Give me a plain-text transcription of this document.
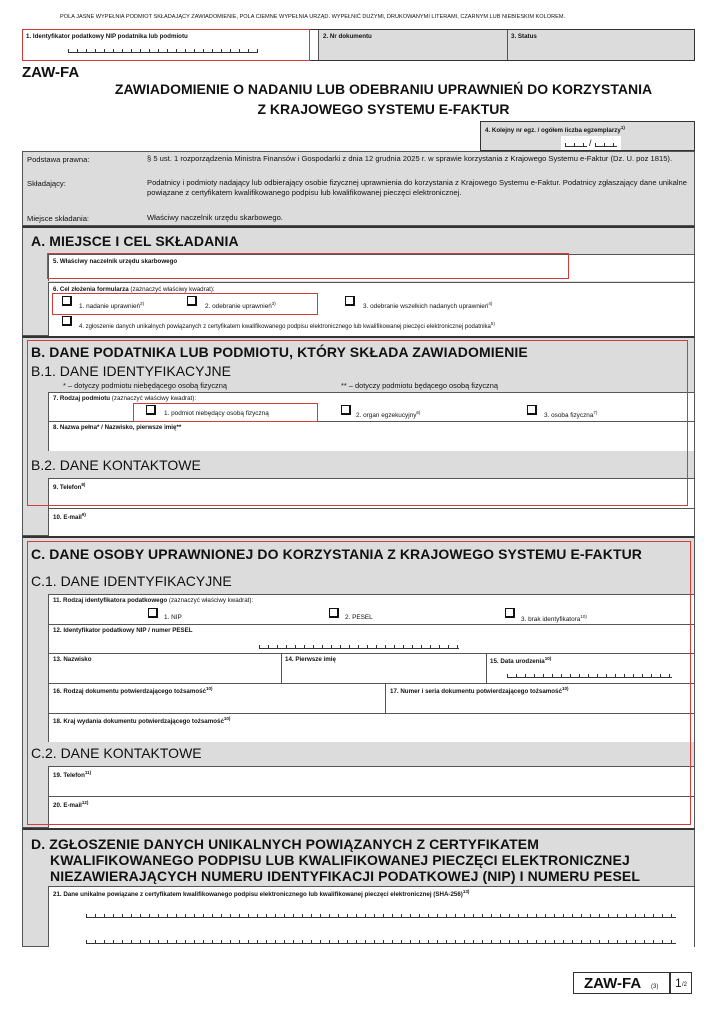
POLA JASNE WYPEŁNIA PODMIOT SKŁADAJĄCY ZAWIADOMIENIE, POLA CIEMNE WYPEŁNIA URZĄD. WYPEŁNIĆ DUŻYMI, DRUKOWANYMI LITERAMI, CZARNYM LUB NIEBIESKIM KOLOREM.
1. Identyfikator podatkowy NIP podatnika lub podmiotu	2. Nr dokumentu	3. Status
ZAW-FA
ZAWIADOMIENIE O NADANIU LUB ODEBRANIU UPRAWNIEŃ DO KORZYSTANIA
Z KRAJOWEGO SYSTEMU E-FAKTUR
4. Kolejny nr egz. / ogółem liczba egzemplarzy$^{1)}$
/
Podstawa prawna:	§ 5 ust. 1 rozporządzenia Ministra Finansów i Gospodarki z dnia 12 grudnia 2025 r. w sprawie korzystania z Krajowego Systemu e-Faktur (Dz. U. poz 1815).
Składający:	Podatnicy i podmioty nadający lub odbierający osobie fizycznej uprawnienia do korzystania z Krajowego Systemu e-Faktur. Podatnicy zgłaszający dane unikalne powiązane z certyfikatem kwalifikowanego podpisu lub kwalifikowanej pieczęci elektronicznej.
Miejsce składania:	Właściwy naczelnik urzędu skarbowego.
A. MIEJSCE I CEL SKŁADANIA
5. Właściwy naczelnik urzędu skarbowego
6. Cel złożenia formularza (zaznaczyć właściwy kwadrat):
1. nadanie uprawnień$^{2)}$	2. odebranie uprawnień$^{3)}$	3. odebranie wszelkich nadanych uprawnień$^{4)}$
4. zgłoszenie danych unikalnych powiązanych z certyfikatem kwalifikowanego podpisu elektronicznego lub kwalifikowanej pieczęci elektronicznej podatnika$^{5)}$
B. DANE PODATNIKA LUB PODMIOTU, KTÓRY SKŁADA ZAWIADOMIENIE
B.1. DANE IDENTYFIKACYJNE
* – dotyczy podmiotu niebędącego osobą fizyczną	** – dotyczy podmiotu będącego osobą fizyczną
7. Rodzaj podmiotu (zaznaczyć właściwy kwadrat):
1. podmiot niebędący osobą fizyczną	2. organ egzekucyjny$^{6)}$	3. osoba fizyczna$^{7)}$
8. Nazwa pełna* / Nazwisko, pierwsze imię**
B.2. DANE KONTAKTOWE
9. Telefon$^{8)}$
10. E-mail$^{9)}$
C. DANE OSOBY UPRAWNIONEJ DO KORZYSTANIA Z KRAJOWEGO SYSTEMU E-FAKTUR
C.1. DANE IDENTYFIKACYJNE
11. Rodzaj identyfikatora podatkowego (zaznaczyć właściwy kwadrat):
1. NIP	2. PESEL	3. brak identyfikatora$^{10)}$
12. Identyfikator podatkowy NIP / numer PESEL
13. Nazwisko	14. Pierwsze imię	15. Data urodzenia$^{10)}$
16. Rodzaj dokumentu potwierdzającego tożsamość$^{10)}$	17. Numer i seria dokumentu potwierdzającego tożsamość$^{10)}$
18. Kraj wydania dokumentu potwierdzającego tożsamość$^{10)}$
C.2. DANE KONTAKTOWE
19. Telefon$^{11)}$
20. E-mail$^{12)}$
D. ZGŁOSZENIE DANYCH UNIKALNYCH POWIĄZANYCH Z CERTYFIKATEM
KWALIFIKOWANEGO PODPISU LUB KWALIFIKOWANEJ PIECZĘCI ELEKTRONICZNEJ
NIEZAWIERAJĄCYCH NUMERU IDENTYFIKACJI PODATKOWEJ (NIP) I NUMERU PESEL
21. Dane unikalne powiązane z certyfikatem kwalifikowanego podpisu elektronicznego lub kwalifikowanej pieczęci elektronicznej $(SHA-256)^{13)}$
ZAW-FA (3) 1 /2
